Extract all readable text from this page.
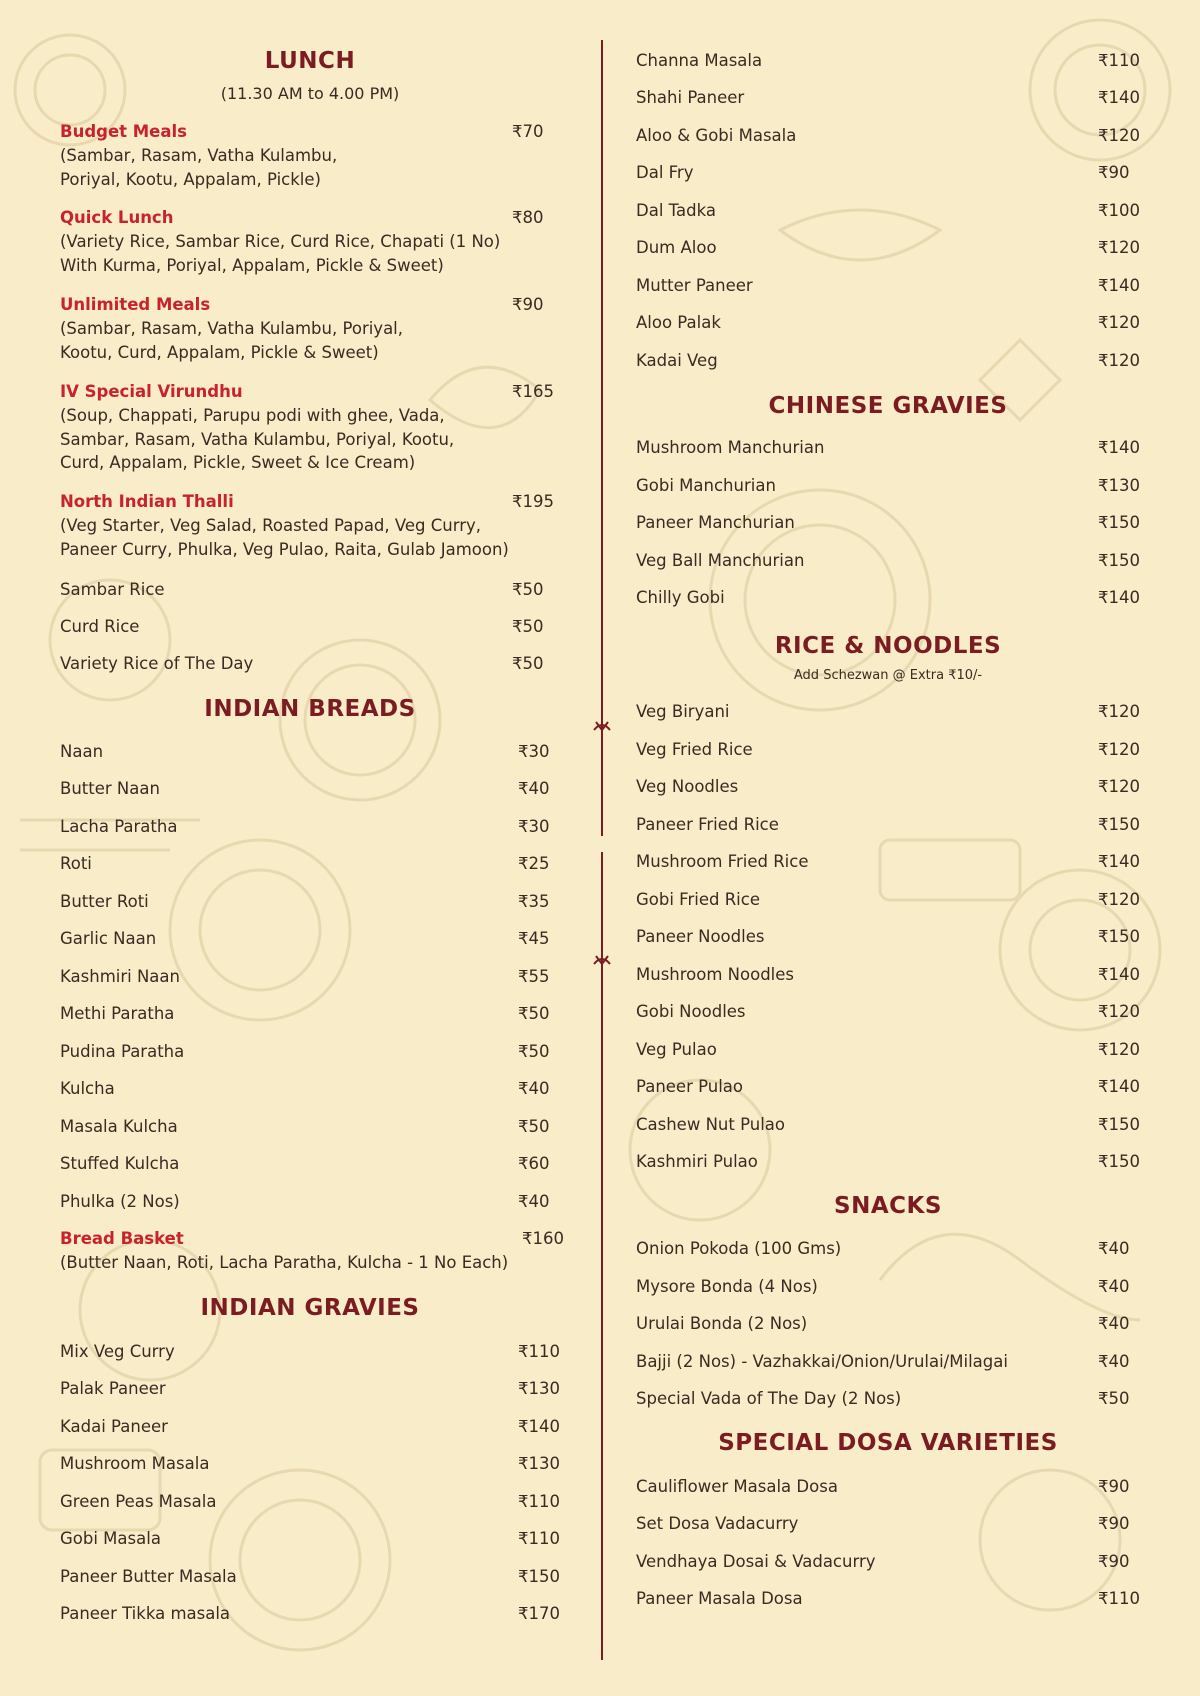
LUNCH
(11.30 AM to 4.00 PM)
Budget Meals	₹70
(Sambar, Rasam, Vatha Kulambu,
Poriyal, Kootu, Appalam, Pickle)
Quick Lunch	₹80
(Variety Rice, Sambar Rice, Curd Rice, Chapati (1 No)
With Kurma, Poriyal, Appalam, Pickle & Sweet)
Unlimited Meals	₹90
(Sambar, Rasam, Vatha Kulambu, Poriyal,
Kootu, Curd, Appalam, Pickle & Sweet)
IV Special Virundhu	₹165
(Soup, Chappati, Parupu podi with ghee, Vada,
Sambar, Rasam, Vatha Kulambu, Poriyal, Kootu,
Curd, Appalam, Pickle, Sweet & Ice Cream)
North Indian Thalli	₹195
(Veg Starter, Veg Salad, Roasted Papad, Veg Curry,
Paneer Curry, Phulka, Veg Pulao, Raita, Gulab Jamoon)
Sambar Rice	₹50
Curd Rice	₹50
Variety Rice of The Day	₹50
INDIAN BREADS
Naan	₹30
Butter Naan	₹40
Lacha Paratha	₹30
Roti	₹25
Butter Roti	₹35
Garlic Naan	₹45
Kashmiri Naan	₹55
Methi Paratha	₹50
Pudina Paratha	₹50
Kulcha	₹40
Masala Kulcha	₹50
Stuffed Kulcha	₹60
Phulka (2 Nos)	₹40
Bread Basket	₹160
(Butter Naan, Roti, Lacha Paratha, Kulcha - 1 No Each)
INDIAN GRAVIES
Mix Veg Curry	₹110
Palak Paneer	₹130
Kadai Paneer	₹140
Mushroom Masala	₹130
Green Peas Masala	₹110
Gobi Masala	₹110
Paneer Butter Masala	₹150
Paneer Tikka masala	₹170
Channa Masala	₹110
Shahi Paneer	₹140
Aloo & Gobi Masala	₹120
Dal Fry	₹90
Dal Tadka	₹100
Dum Aloo	₹120
Mutter Paneer	₹140
Aloo Palak	₹120
Kadai Veg	₹120
CHINESE GRAVIES
Mushroom Manchurian	₹140
Gobi Manchurian	₹130
Paneer Manchurian	₹150
Veg Ball Manchurian	₹150
Chilly Gobi	₹140
RICE & NOODLES
Add Schezwan @ Extra ₹10/-
Veg Biryani	₹120
Veg Fried Rice	₹120
Veg Noodles	₹120
Paneer Fried Rice	₹150
Mushroom Fried Rice	₹140
Gobi Fried Rice	₹120
Paneer Noodles	₹150
Mushroom Noodles	₹140
Gobi Noodles	₹120
Veg Pulao	₹120
Paneer Pulao	₹140
Cashew Nut Pulao	₹150
Kashmiri Pulao	₹150
SNACKS
Onion Pokoda (100 Gms)	₹40
Mysore Bonda (4 Nos)	₹40
Urulai Bonda (2 Nos)	₹40
Bajji (2 Nos) - Vazhakkai/Onion/Urulai/Milagai	₹40
Special Vada of The Day (2 Nos)	₹50
SPECIAL DOSA VARIETIES
Cauliflower Masala Dosa	₹90
Set Dosa Vadacurry	₹90
Vendhaya Dosai & Vadacurry	₹90
Paneer Masala Dosa	₹110
